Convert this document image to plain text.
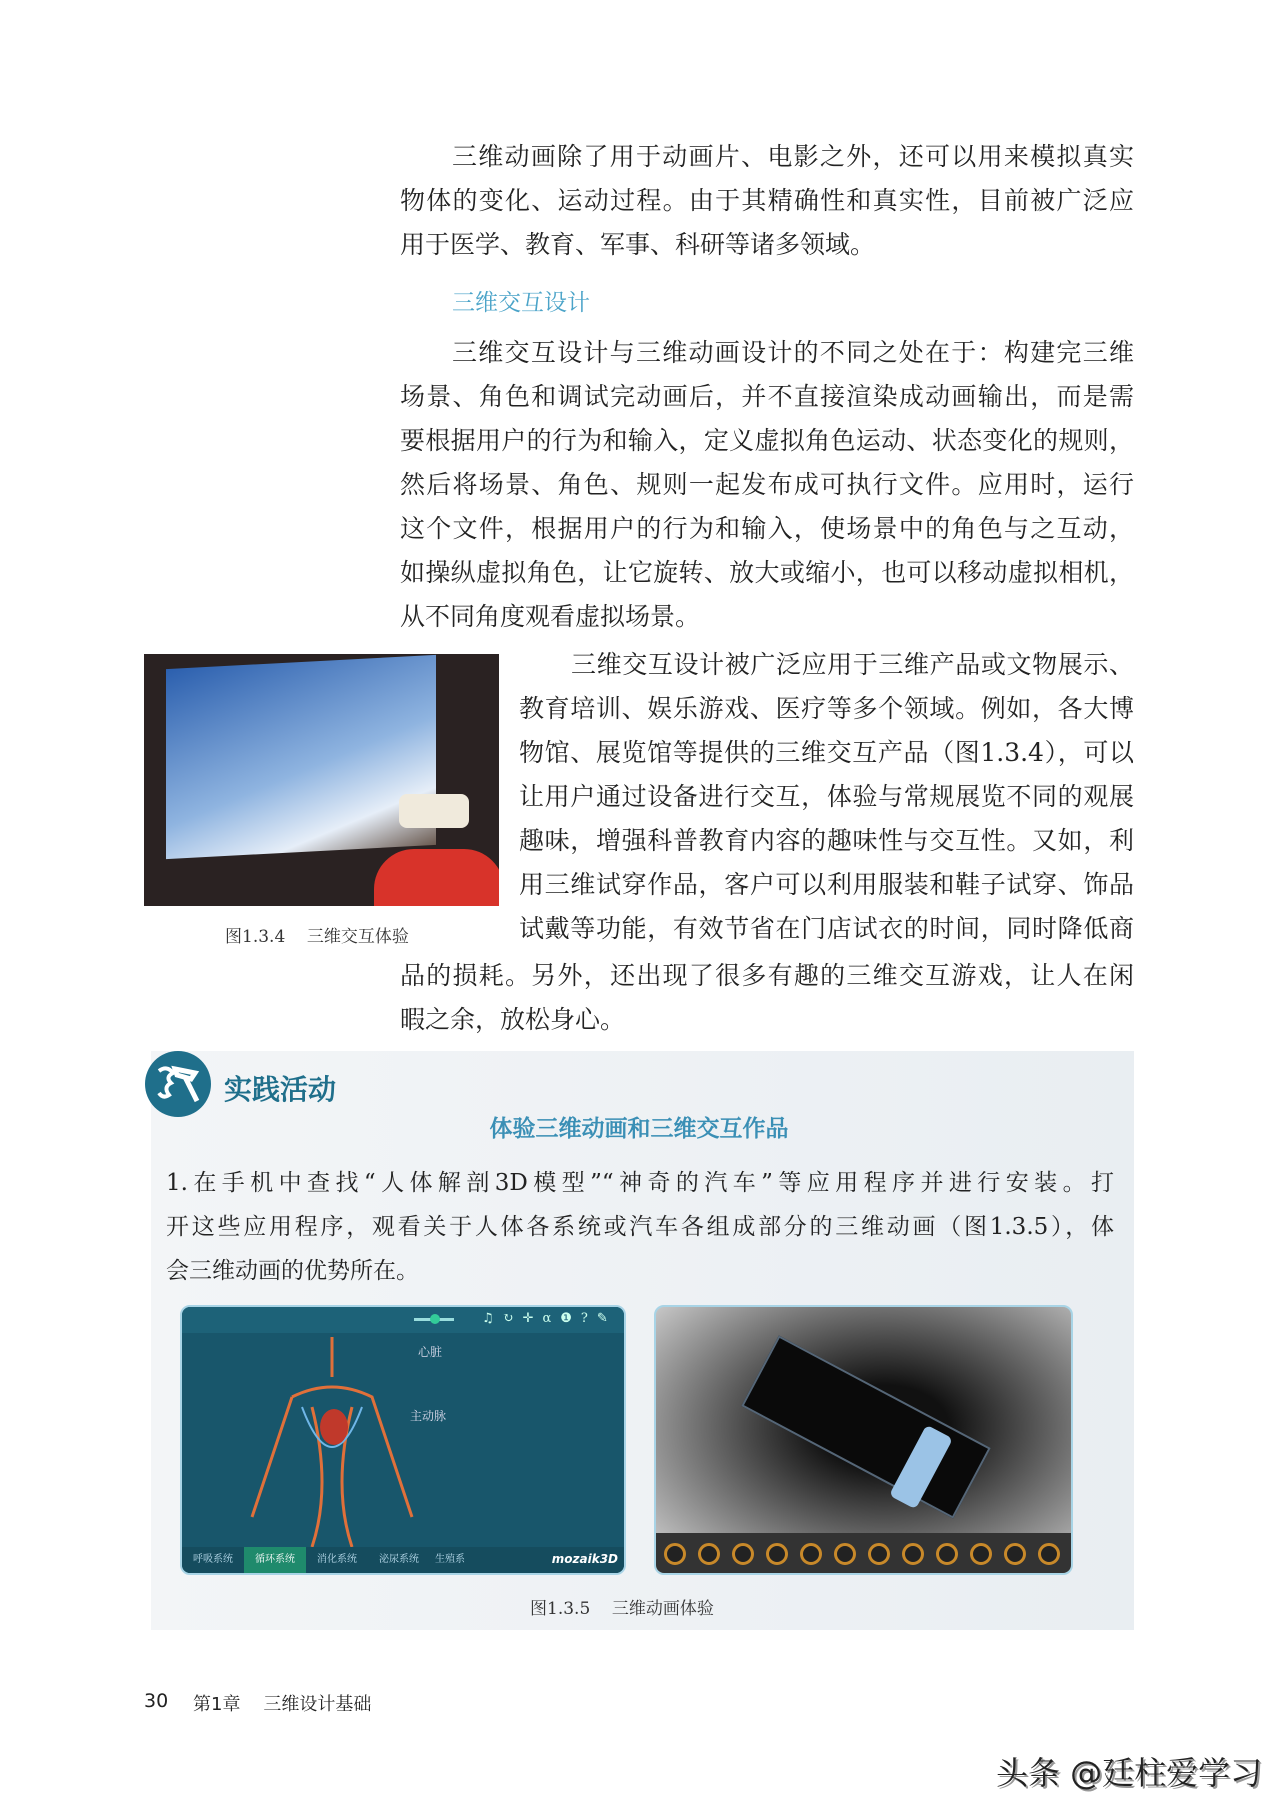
三维动画除了用于动画片、电影之外，还可以用来模拟真实
物体的变化、运动过程。由于其精确性和真实性，目前被广泛应
用于医学、教育、军事、科研等诸多领域。
三维交互设计
三维交互设计与三维动画设计的不同之处在于：构建完三维
场景、角色和调试完动画后，并不直接渲染成动画输出，而是需
要根据用户的行为和输入，定义虚拟角色运动、状态变化的规则，
然后将场景、角色、规则一起发布成可执行文件。应用时，运行
这个文件，根据用户的行为和输入，使场景中的角色与之互动，
如操纵虚拟角色，让它旋转、放大或缩小，也可以移动虚拟相机，
从不同角度观看虚拟场景。
图1.3.4    三维交互体验
三维交互设计被广泛应用于三维产品或文物展示、
教育培训、娱乐游戏、医疗等多个领域。例如，各大博
物馆、展览馆等提供的三维交互产品（图1.3.4），可以
让用户通过设备进行交互，体验与常规展览不同的观展
趣味，增强科普教育内容的趣味性与交互性。又如，利
用三维试穿作品，客户可以利用服装和鞋子试穿、饰品
试戴等功能，有效节省在门店试衣的时间，同时降低商
品的损耗。另外，还出现了很多有趣的三维交互游戏，让人在闲
暇之余，放松身心。
实践活动
体验三维动画和三维交互作品
1.在手机中查找“人体解剖3D模型”“神奇的汽车”等应用程序并进行安装。打
开这些应用程序，观看关于人体各系统或汽车各组成部分的三维动画（图1.3.5），体
会三维动画的优势所在。
♫↻✛α❶?✎
心脏
主动脉
呼吸系统	循环系统	消化系统	泌尿系统	生殖系	mozaik3D
图1.3.5    三维动画体验
30 第1章    三维设计基础
头条 @廷柱爱学习
